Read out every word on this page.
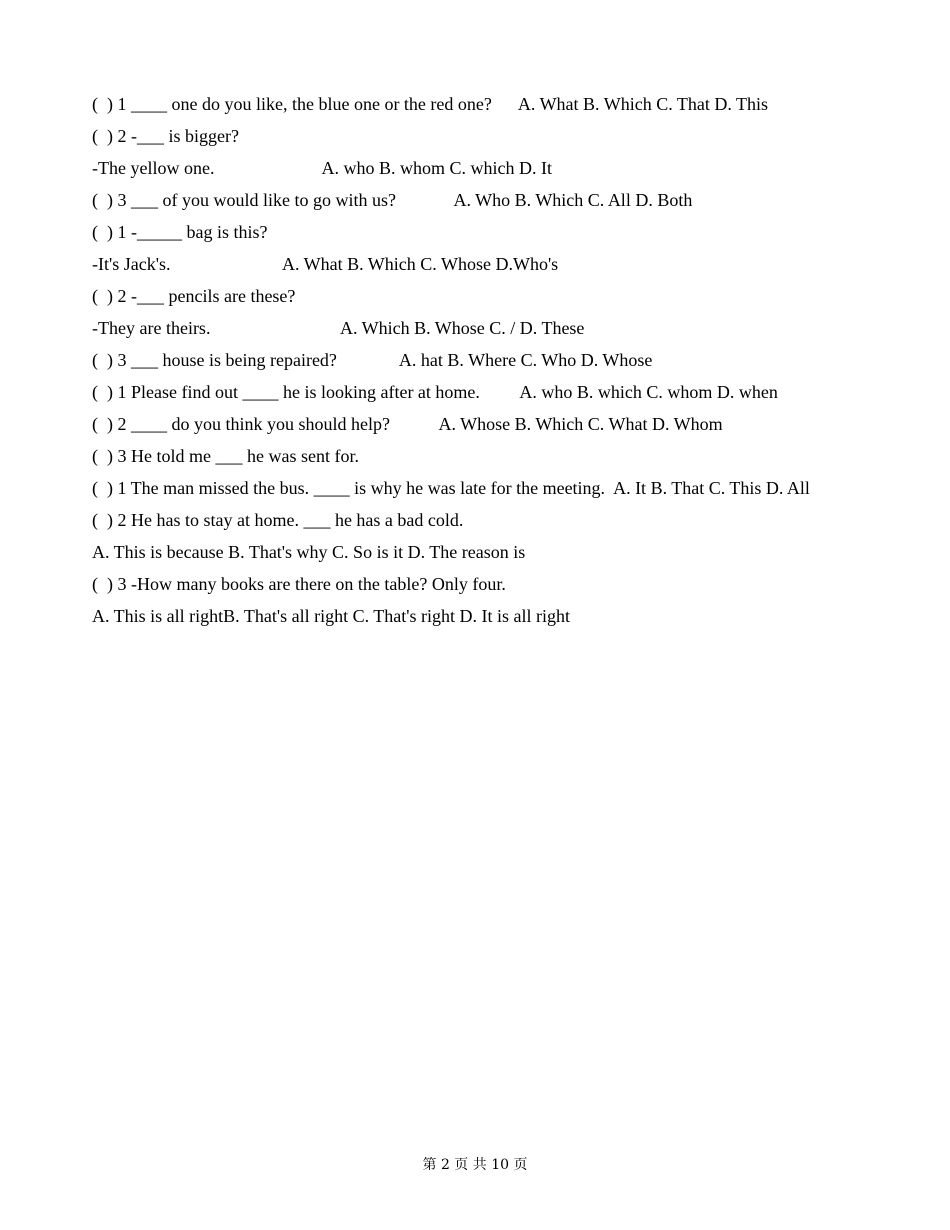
(  ) 1 ____ one do you like, the blue one or the red one?      A. What B. Which C. That D. This
(  ) 2 -___ is bigger?
-The yellow one.                        A. who B. whom C. which D. It
(  ) 3 ___ of you would like to go with us?             A. Who B. Which C. All D. Both
(  ) 1 -_____ bag is this?
-It's Jack's.                         A. What B. Which C. Whose D.Who's
(  ) 2 -___ pencils are these?
-They are theirs.                             A. Which B. Whose C. / D. These
(  ) 3 ___ house is being repaired?              A. hat B. Where C. Who D. Whose
(  ) 1 Please find out ____ he is looking after at home.         A. who B. which C. whom D. when
(  ) 2 ____ do you think you should help?           A. Whose B. Which C. What D. Whom
(  ) 3 He told me ___ he was sent for.
(  ) 1 The man missed the bus. ____ is why he was late for the meeting.  A. It B. That C. This D. All
(  ) 2 He has to stay at home. ___ he has a bad cold.
A. This is because B. That's why C. So is it D. The reason is
(  ) 3 -How many books are there on the table? Only four.
A. This is all rightB. That's all right C. That's right D. It is all right
第 2 页 共 10 页
